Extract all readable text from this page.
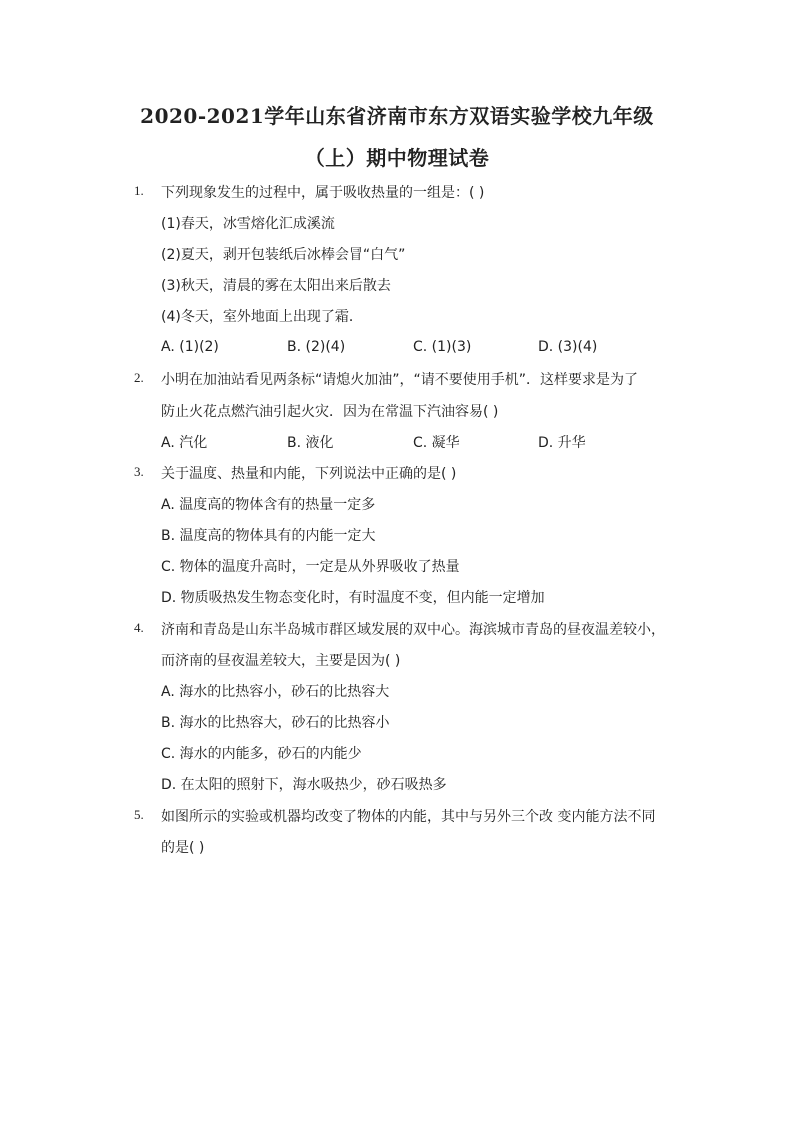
2020-2021学年山东省济南市东方双语实验学校九年级
（上）期中物理试卷
1. 下列现象发生的过程中，属于吸收热量的一组是：( )
(1)春天，冰雪熔化汇成溪流
(2)夏天，剥开包装纸后冰棒会冒“白气”
(3)秋天，清晨的雾在太阳出来后散去
(4)冬天，室外地面上出现了霜．
A. (1)(2)	B. (2)(4)	C. (1)(3)	D. (3)(4)
2. 小明在加油站看见两条标“请熄火加油”，“请不要使用手机”．这样要求是为了
防止火花点燃汽油引起火灾．因为在常温下汽油容易( )
A. 汽化	B. 液化	C. 凝华	D. 升华
3. 关于温度、热量和内能，下列说法中正确的是( )
A. 温度高的物体含有的热量一定多
B. 温度高的物体具有的内能一定大
C. 物体的温度升高时，一定是从外界吸收了热量
D. 物质吸热发生物态变化时，有时温度不变，但内能一定增加
4. 济南和青岛是山东半岛城市群区域发展的双中心。海滨城市青岛的昼夜温差较小，
而济南的昼夜温差较大，主要是因为( )
A. 海水的比热容小，砂石的比热容大
B. 海水的比热容大，砂石的比热容小
C. 海水的内能多，砂石的内能少
D. 在太阳的照射下，海水吸热少，砂石吸热多
5. 如图所示的实验或机器均改变了物体的内能，其中与另外三个改 变内能方法不同
的是( )
